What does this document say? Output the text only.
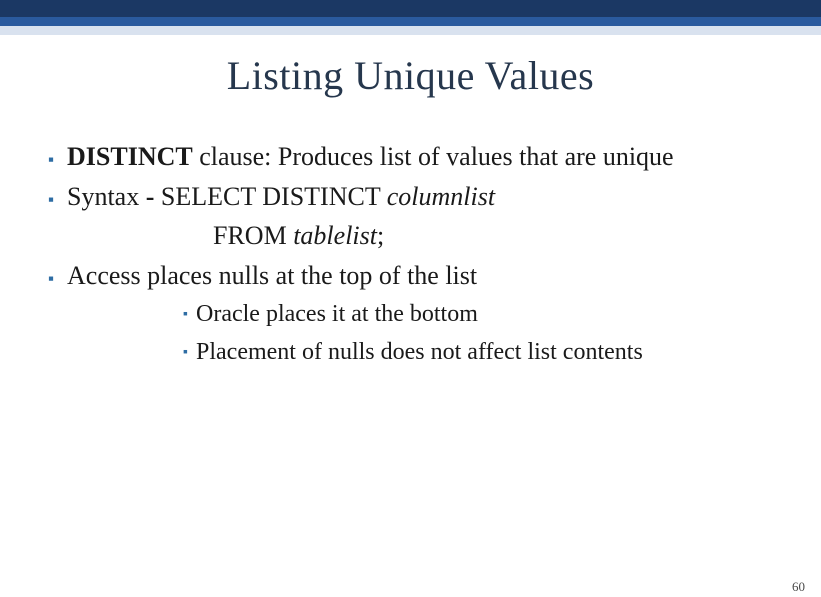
Listing Unique Values
▪ DISTINCT clause: Produces list of values that are unique
▪ Syntax - SELECT DISTINCT columnlist
FROM tablelist;
▪ Access places nulls at the top of the list
▪ Oracle places it at the bottom
▪ Placement of nulls does not affect list contents
60
